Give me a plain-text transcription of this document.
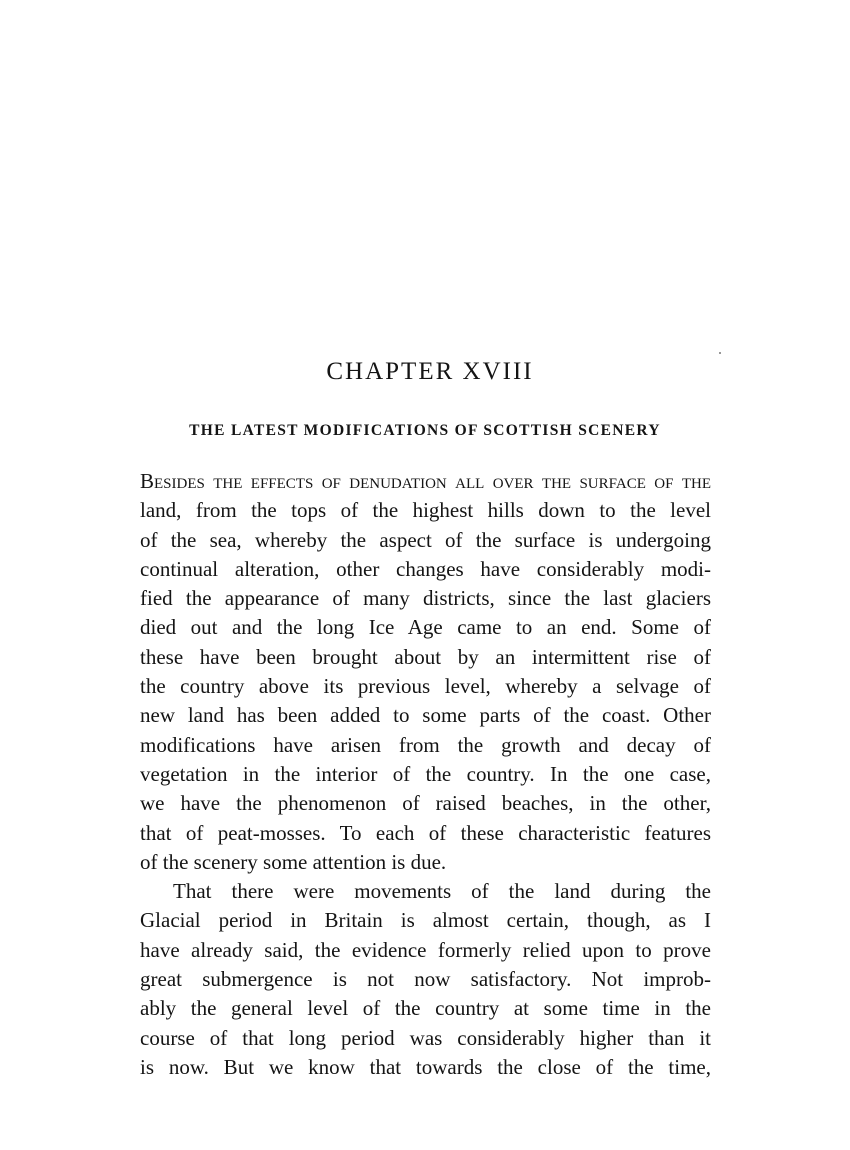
CHAPTER XVIII
THE LATEST MODIFICATIONS OF SCOTTISH SCENERY

Besides the effects of denudation all over the surface of the
land, from the tops of the highest hills down to the level
of the sea, whereby the aspect of the surface is undergoing
continual alteration, other changes have considerably modi-
fied the appearance of many districts, since the last glaciers
died out and the long Ice Age came to an end. Some of
these have been brought about by an intermittent rise of
the country above its previous level, whereby a selvage of
new land has been added to some parts of the coast. Other
modifications have arisen from the growth and decay of
vegetation in the interior of the country. In the one case,
we have the phenomenon of raised beaches, in the other,
that of peat-mosses. To each of these characteristic features
of the scenery some attention is due.

That there were movements of the land during the
Glacial period in Britain is almost certain, though, as I
have already said, the evidence formerly relied upon to prove
great submergence is not now satisfactory. Not improb-
ably the general level of the country at some time in the
course of that long period was considerably higher than it
is now. But we know that towards the close of the time,
